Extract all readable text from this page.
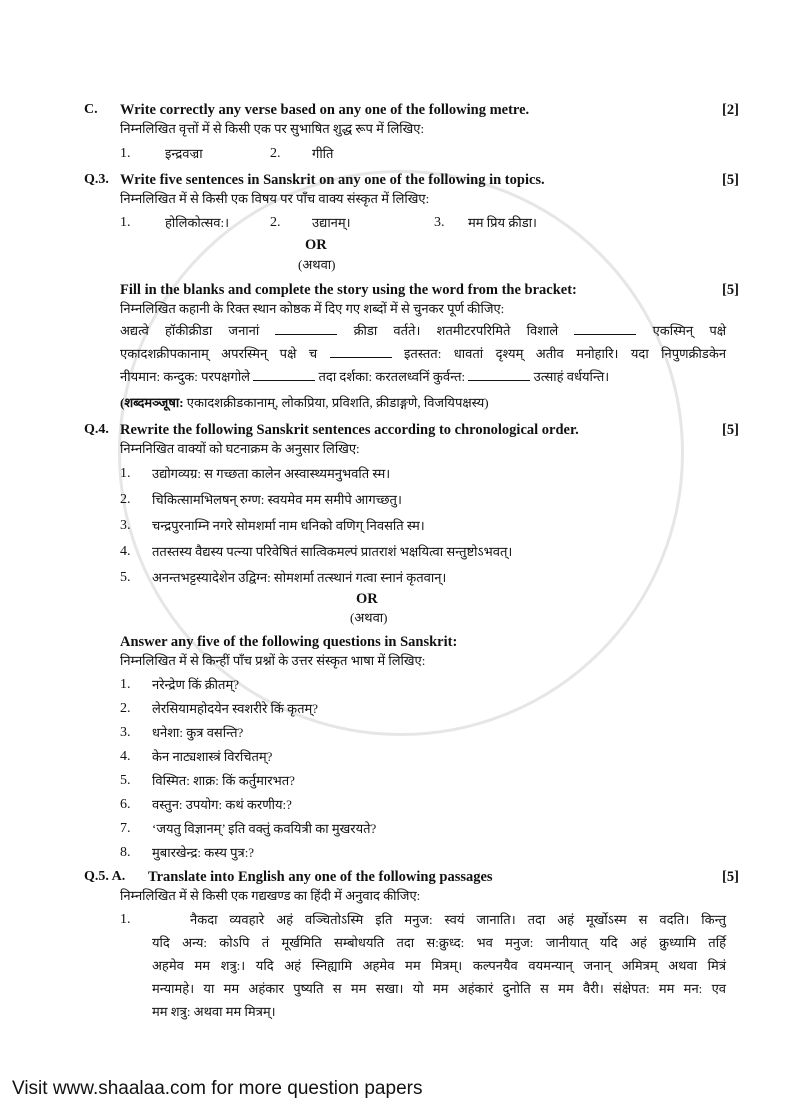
C. Write correctly any verse based on any one of the following metre.	[2]
निम्नलिखित वृत्तों में से किसी एक पर सुभाषित शुद्ध रूप में लिखिए:
1.	इन्द्रवज्रा	2. गीति
Q.3. Write five sentences in Sanskrit on any one of the following in topics.	[5]
निम्नलिखित में से किसी एक विषय पर पाँच वाक्य संस्कृत में लिखिए:
1.	होलिकोत्सव:।	2. उद्यानम्।	3. मम प्रिय क्रीडा।
OR
(अथवा)
Fill in the blanks and complete the story using the word from the bracket:	[5]
निम्नलिखित कहानी के रिक्त स्थान कोष्ठक में दिए गए शब्दों में से चुनकर पूर्ण कीजिए:
अद्यत्वे हॉकीक्रीडा जनानां	क्रीडा वर्तते। शतमीटरपरिमिते विशाले	एकस्मिन् पक्षे
एकादशक्रीपकानाम् अपरस्मिन् पक्षे च	इतस्तत: धावतां दृश्यम् अतीव मनोहारि। यदा निपुणक्रीडकेन
नीयमान: कन्दुक: परपक्षगोले	तदा दर्शका: करतलध्वनिं कुर्वन्त:	उत्साहं वर्धयन्ति।
(शब्दमञ्जूषा: एकादशक्रीडकानाम्, लोकप्रिया, प्रविशति, क्रीडाङ्गणे, विजयिपक्षस्य)
Q.4. Rewrite the following Sanskrit sentences according to chronological order.	[5]
निम्ननिखित वाक्यों को घटनाक्रम के अनुसार लिखिए:
1. उद्योगव्यग्र: स गच्छता कालेन अस्वास्थ्यमनुभवति स्म।
2. चिकित्सामभिलषन् रुग्ण: स्वयमेव मम समीपे आगच्छतु।
3. चन्द्रपुरनाम्नि नगरे सोमशर्मा नाम धनिको वणिग् निवसति स्म।
4. ततस्तस्य वैद्यस्य पत्न्या परिवेषितं सात्विकमल्पं प्रातराशं भक्षयित्वा सन्तुष्टोऽभवत्।
5. अनन्तभट्टस्यादेशेन उद्विग्न: सोमशर्मा तत्स्थानं गत्वा स्नानं कृतवान्।
OR
(अथवा)
Answer any five of the following questions in Sanskrit:
निम्नलिखित में से किन्हीं पाँच प्रश्नों के उत्तर संस्कृत भाषा में लिखिए:
1. नरेन्द्रेण किं क्रीतम्?
2. लेरसियामहोदयेन स्वशरीरे किं कृतम्?
3. धनेशा: कुत्र वसन्ति?
4. केन नाट्यशास्त्रं विरचितम्?
5. विस्मित: शाक्र: किं कर्तुमारभत?
6. वस्तुन: उपयोग: कथं करणीय:?
7. ‘जयतु विज्ञानम्’ इति वक्तुं कवयित्री का मुखरयते?
8. मुबारखेन्द्र: कस्य पुत्र:?
Q.5. A. Translate into English any one of the following passages	[5]
निम्नलिखित में से किसी एक गद्यखण्ड का हिंदी में अनुवाद कीजिए:
1.	नैकदा व्यवहारे अहं वञ्चितोऽस्मि इति मनुज: स्वयं जानाति। तदा अहं मूर्खोऽस्म स वदति। किन्तु
यदि अन्य: कोऽपि तं मूर्खमिति सम्बोधयति तदा स:क्रुध्द: भव मनुज: जानीयात् यदि अहं क्रुध्यामि तर्हि
अहमेव मम शत्रु:। यदि अहं स्निह्यामि अहमेव मम मित्रम्। कल्पनयैव वयमन्यान् जनान् अमित्रम् अथवा मित्रं
मन्यामहे। या मम अहंकार पुष्यति स मम सखा। यो मम अहंकारं दुनोति स मम वैरी। संक्षेपत: मम मन: एव
मम शत्रु: अथवा मम मित्रम्।
Visit www.shaalaa.com for more question papers
